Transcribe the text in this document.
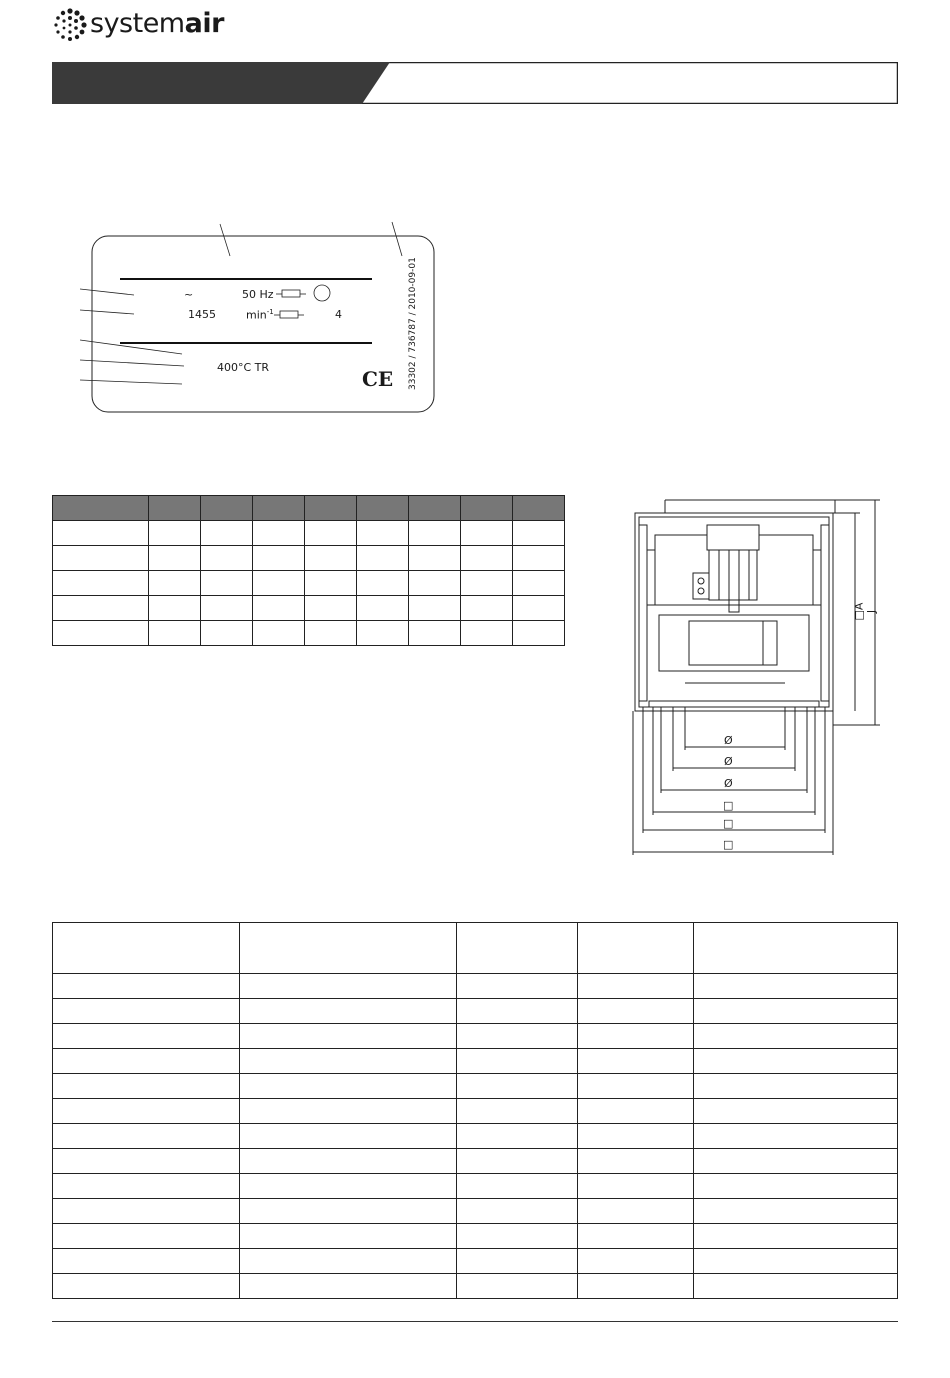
systemair
~	50 Hz
1455	$\min^{-1}$	4
400°C TR	CE 33302 / 736787 / 2010-09-01

□A
J
Ø
Ø
Ø
□
□
□
